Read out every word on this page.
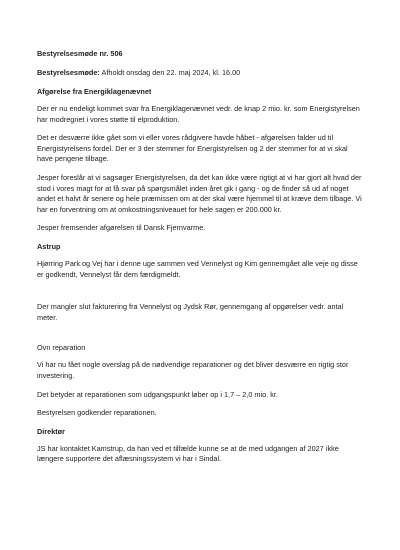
Bestyrelsesmøde nr. 506
Bestyrelsesmøde: Afholdt onsdag den 22. maj 2024, kl. 16.00
Afgørelse fra Energiklagenævnet

Der er nu endeligt kommet svar fra Energiklagenævnet vedr. de knap 2 mio. kr. som Energistyrelsen har modregnet i vores støtte til elproduktion.

Det er desværre ikke gået som vi eller vores rådgivere havde håbet - afgørelsen falder ud til Energistyrelsens fordel. Der er 3 der stemmer for Energistyrelsen og 2 der stemmer for at vi skal have pengene tilbage.

Jesper foreslår at vi sagsøger Energistyrelsen, da det kan ikke være rigtigt at vi har gjort alt hvad der stod i vores magt for at få svar på spørgsmålet inden året gik i gang - og de finder så ud af noget andet et halvt år senere og hele præmissen om at der skal være hjemmel til at kræve dem tilbage. Vi har en forventning om at omkostningsniveauet for hele sagen er 200.000 kr.

Jesper fremsender afgørelsen til Dansk Fjernvarme.

Astrup

Hjørring Park og Vej har i denne uge sammen ved Vennelyst og Kim gennemgået alle veje og disse er godkendt, Vennelyst får dem færdigmeldt.

Der mangler slut fakturering fra Vennelyst og Jydsk Rør, gennemgang af opgørelser vedr. antal meter.

Ovn reparation

Vi har nu fået nogle overslag på de nødvendige reparationer og det bliver desværre en rigtig stor investering.

Det betyder at reparationen som udgangspunkt løber op i 1,7 – 2,0 mio. kr.

Bestyrelsen godkender reparationen.

Direktør

JS har kontaktet Kamstrup, da han ved et tilfælde kunne se at de med udgangen af 2027 ikke længere supportere det aflæsningssystem vi har i Sindal.
